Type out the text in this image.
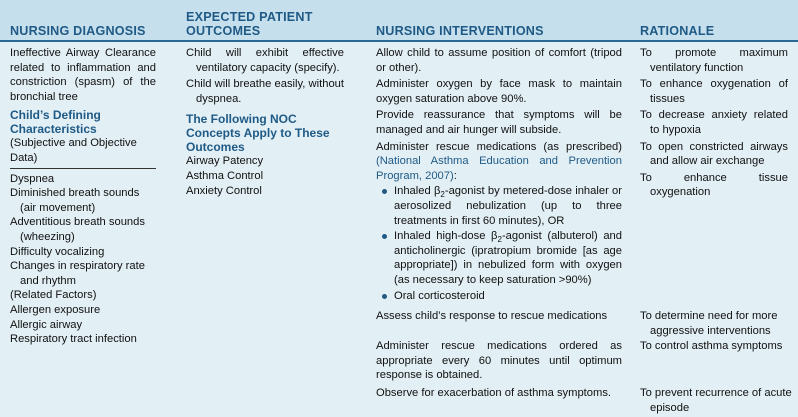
NURSING DIAGNOSIS
EXPECTED PATIENT
OUTCOMES	NURSING INTERVENTIONS	RATIONALE

Ineffective Airway Clearance related to inflammation and constriction (spasm) of the bronchial tree

Child’s Defining Characteristics
(Subjective and Objective Data)
Dyspnea
Diminished breath sounds (air movement)
Adventitious breath sounds (wheezing)
Difficulty vocalizing
Changes in respiratory rate and rhythm
(Related Factors)
Allergen exposure
Allergic airway
Respiratory tract infection

Child will exhibit effective ventilatory capacity (specify).

Child will breathe easily, without dyspnea.

The Following NOC Concepts Apply to These Outcomes
Airway Patency
Asthma Control
Anxiety Control

Allow child to assume position of comfort (tripod or other).

Administer oxygen by face mask to maintain oxygen saturation above 90%.

Provide reassurance that symptoms will be managed and air hunger will subside.

Administer rescue medications (as prescribed) (National Asthma Education and Prevention Program, 2007):

Inhaled $\beta_2$-agonist by metered-dose inhaler or aerosolized nebulization (up to three treatments in first 60 minutes), OR
Inhaled high-dose $\beta_2$-agonist (albuterol) and anticholinergic (ipratropium bromide [as age appropriate]) in nebulized form with oxygen (as necessary to keep saturation >90%)
Oral corticosteroid
Assess child’s response to rescue medications
Administer rescue medications ordered as appropriate every 60 minutes until optimum response is obtained.
Observe for exacerbation of asthma symptoms.

To promote maximum ventilatory function

To enhance oxygenation of tissues

To decrease anxiety related to hypoxia

To open constricted airways and allow air exchange

To enhance tissue oxygenation

To determine need for more aggressive interventions
To control asthma symptoms
To prevent recurrence of acute episode
